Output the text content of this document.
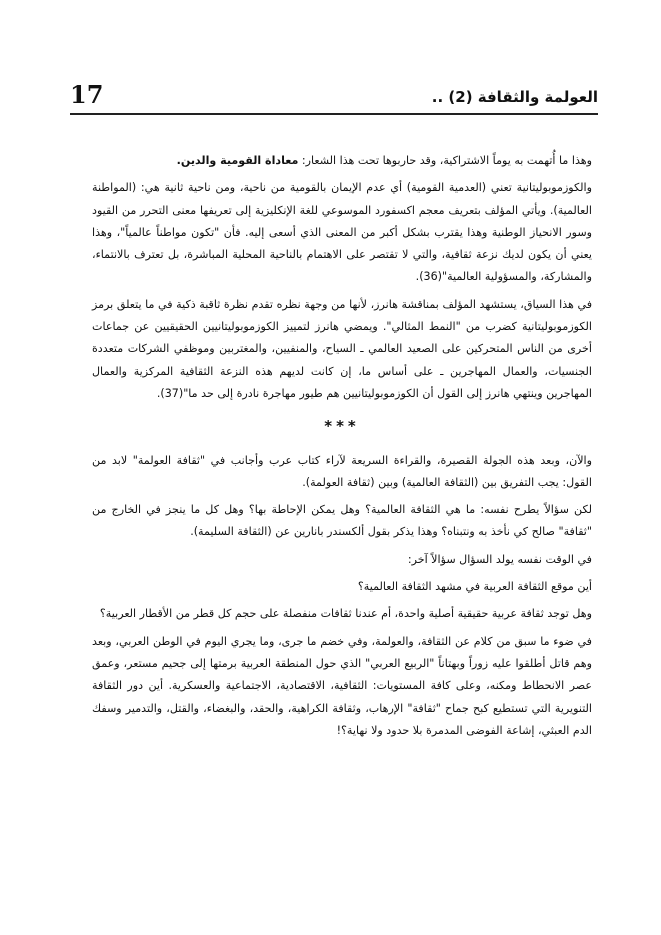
العولمة والثقافة (2) ..
17

وهذا ما أُتهمت به يوماً الاشتراكية، وقد حاربوها تحت هذا الشعار: معاداة القومية والدين.

والكوزموبوليتانية تعني (العدمية القومية) أي عدم الإيمان بالقومية من ناحية، ومن ناحية ثانية هي: (المواطنة العالمية). ويأتي المؤلف بتعريف معجم اكسفورد الموسوعي للغة الإنكليزية إلى تعريفها معنى التحرر من القيود وسور الانحياز الوطنية وهذا يقترب بشكل أكبر من المعنى الذي أسعى إليه. فأن "تكون مواطناً عالمياً"، وهذا يعني أن يكون لديك نزعة ثقافية، والتي لا تقتصر على الاهتمام بالناحية المحلية المباشرة، بل تعترف بالانتماء، والمشاركة، والمسؤولية العالمية"(36).

في هذا السياق، يستشهد المؤلف بمناقشة هانرز، لأنها من وجهة نظره تقدم نظرة ثاقبة ذكية في ما يتعلق برمز الكوزموبوليتانية كضرب من "النمط المثالي". ويمضي هانرز لتمييز الكوزموبوليتانيين الحقيقيين عن جماعات أخرى من الناس المتحركين على الصعيد العالمي ـ السياح، والمنفيين، والمغتربين وموظفي الشركات متعددة الجنسيات، والعمال المهاجرين ـ على أساس ما، إن كانت لديهم هذه النزعة الثقافية المركزية والعمال المهاجرين وينتهي هانرز إلى القول أن الكوزموبوليتانيين هم طيور مهاجرة نادرة إلى حد ما"(37).

***

والآن، وبعد هذه الجولة القصيرة، والقراءة السريعة لآراء كتاب عرب وأجانب في "ثقافة العولمة" لابد من القول: يجب التفريق بين (الثقافة العالمية) وبين (ثقافة العولمة).

لكن سؤالاً يطرح نفسه: ما هي الثقافة العالمية؟ وهل يمكن الإحاطة بها؟ وهل كل ما ينجز في الخارج من "ثقافة" صالح كي نأخذ به ونتبناه؟ وهذا يذكر بقول ألكسندر بانارين عن (الثقافة السليمة).

في الوقت نفسه يولد السؤال سؤالاً آخر:

أين موقع الثقافة العربية في مشهد الثقافة العالمية؟

وهل توجد ثقافة عربية حقيقية أصلية واحدة، أم عندنا ثقافات منفصلة على حجم كل قطر من الأقطار العربية؟

في ضوء ما سبق من كلام عن الثقافة، والعولمة، وفي خضم ما جرى، وما يجري اليوم في الوطن العربي، وبعد وهم قاتل أطلقوا عليه زوراً وبهتاناً "الربيع العربي" الذي حول المنطقة العربية برمتها إلى جحيم مستعر، وعمق عصر الانحطاط ومكنه، وعلى كافة المستويات: الثقافية، الاقتصادية، الاجتماعية والعسكرية. أين دور الثقافة التنويرية التي تستطيع كبح جماح "ثقافة" الإرهاب، وثقافة الكراهية، والحقد، والبغضاء، والقتل، والتدمير وسفك الدم العبثي، إشاعة الفوضى المدمرة بلا حدود ولا نهاية؟!
